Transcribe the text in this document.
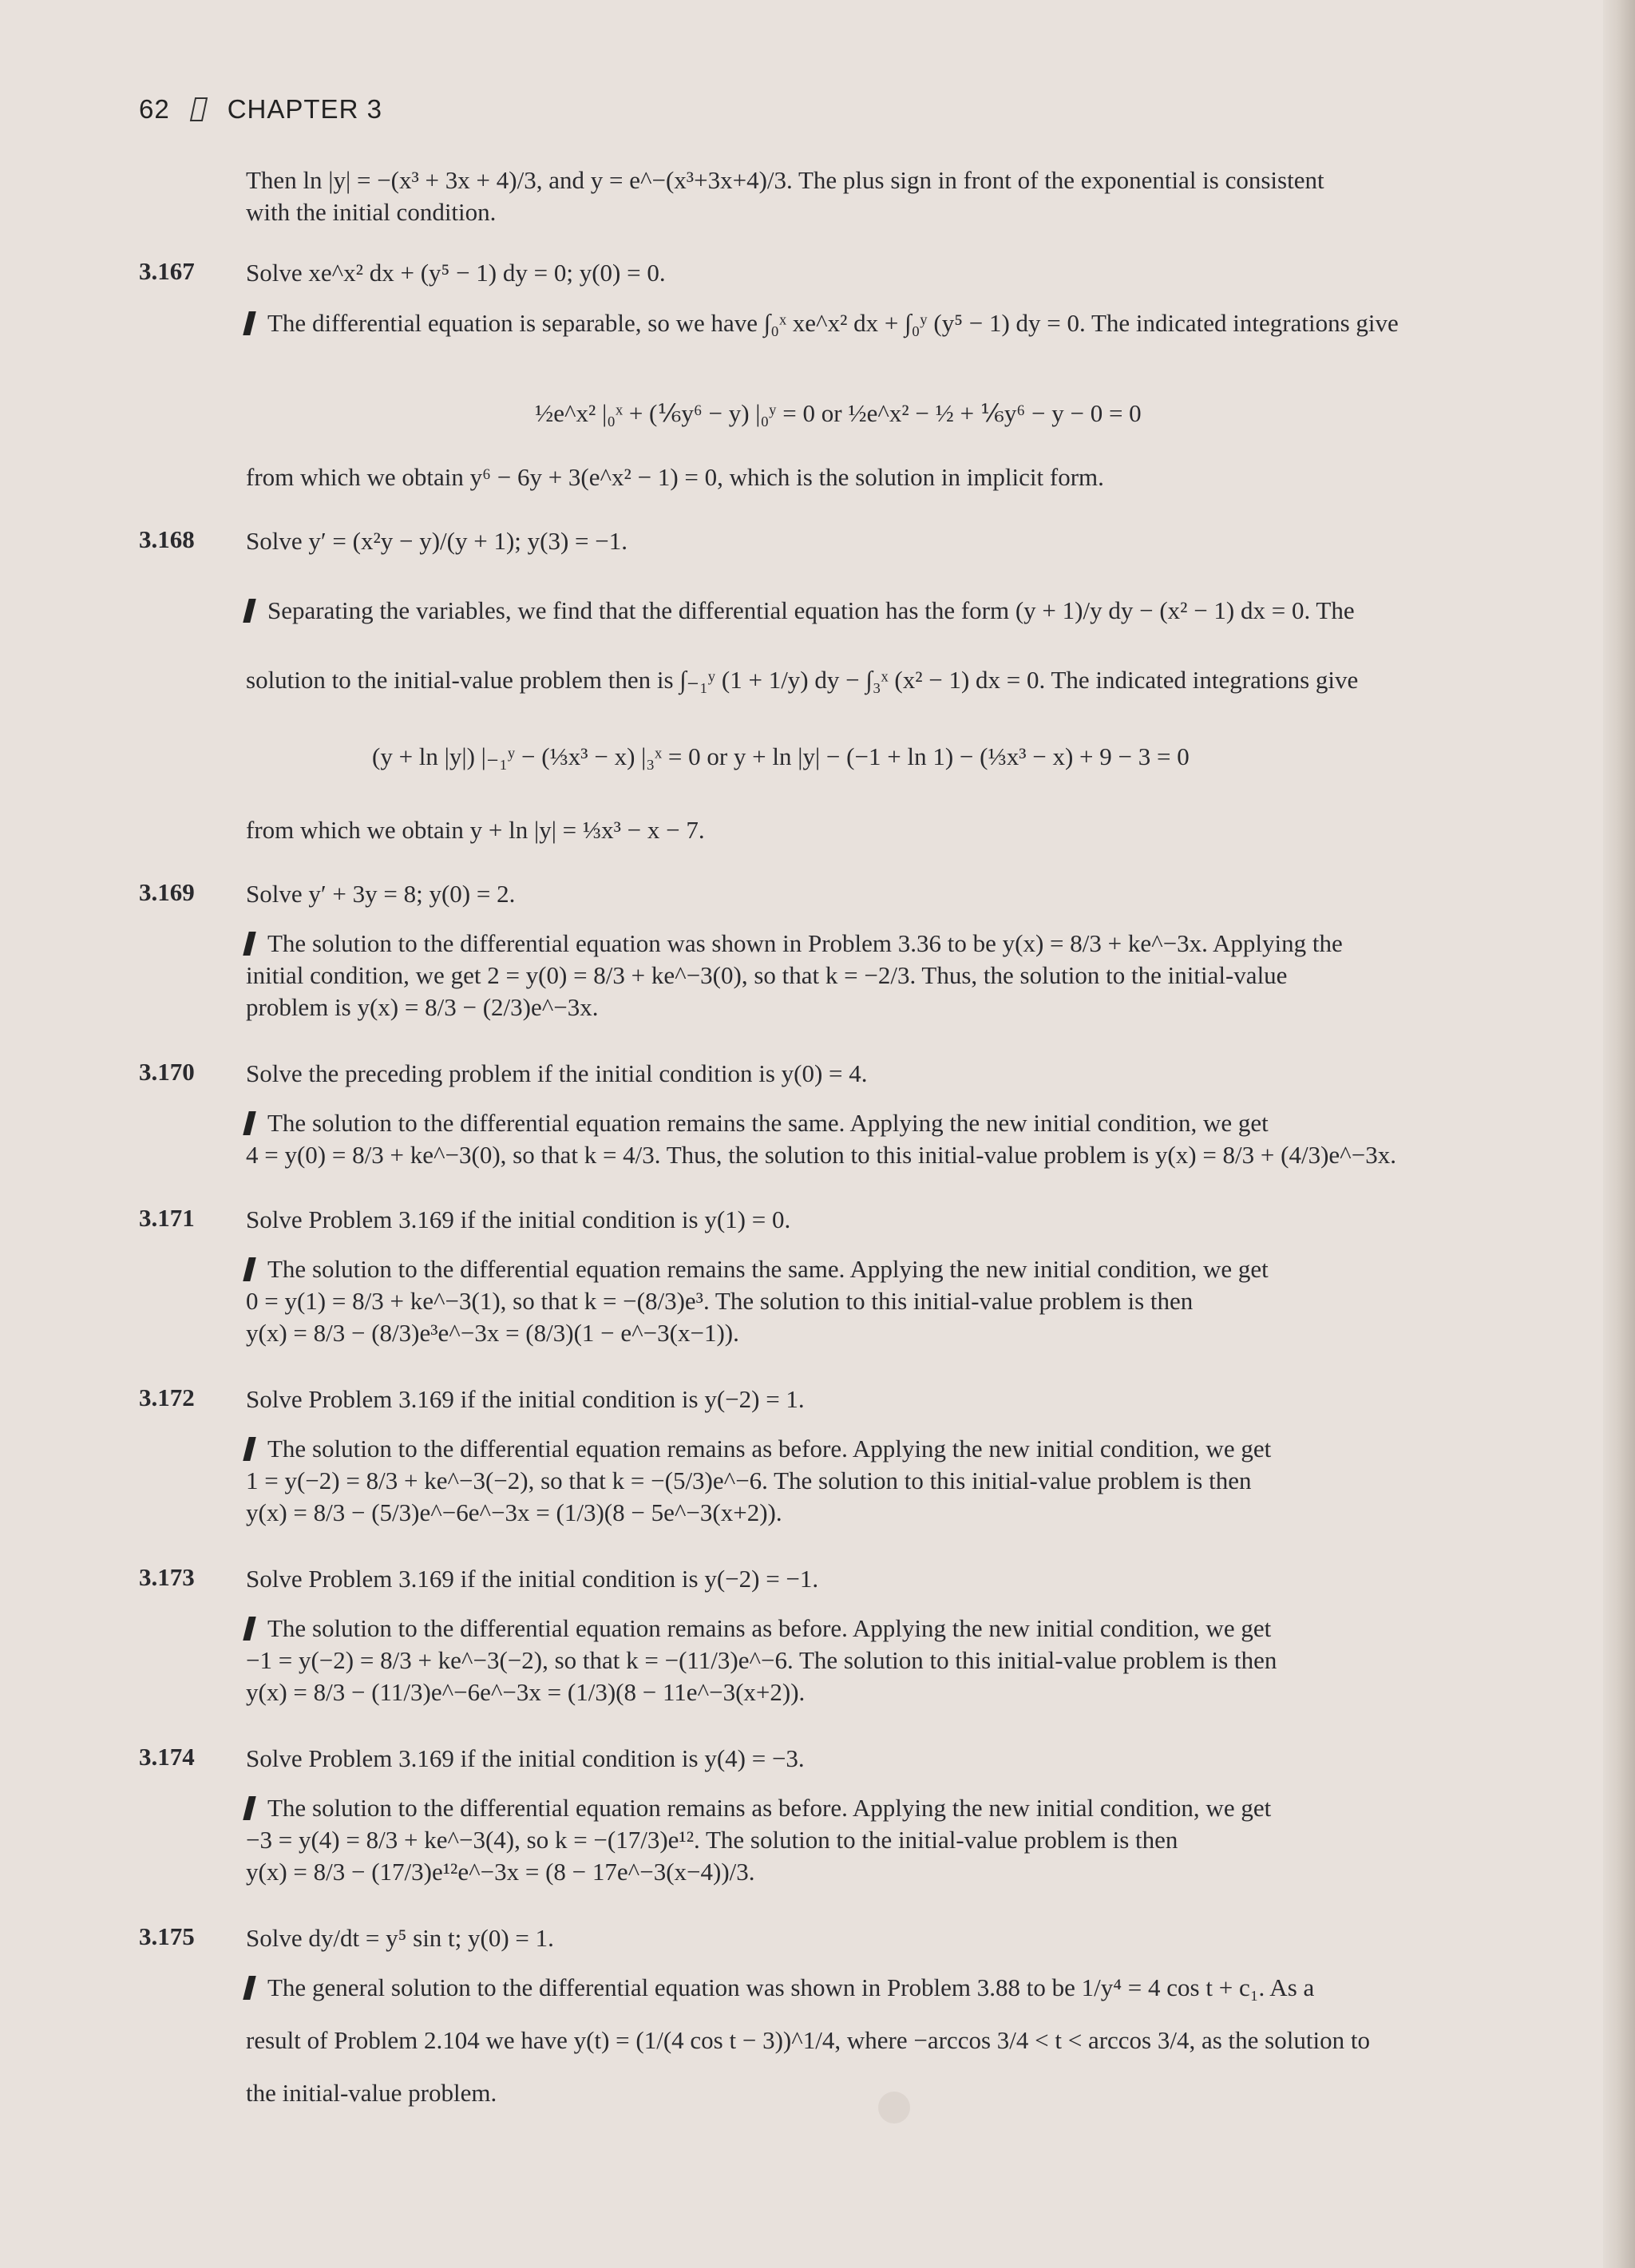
62 CHAPTER 3

Then ln |y| = −(x³ + 3x + 4)/3, and y = e^−(x³+3x+4)/3. The plus sign in front of the exponential is consistent

with the initial condition.

3.167 Solve xe^x² dx + (y⁵ − 1) dy = 0; y(0) = 0.
The differential equation is separable, so we have ∫₀ˣ xe^x² dx + ∫₀ʸ (y⁵ − 1) dy = 0. The indicated integrations give
½e^x² |₀ˣ + (⅙y⁶ − y) |₀ʸ = 0 or ½e^x² − ½ + ⅙y⁶ − y − 0 = 0
from which we obtain y⁶ − 6y + 3(e^x² − 1) = 0, which is the solution in implicit form.
3.168 Solve y′ = (x²y − y)/(y + 1); y(3) = −1.
Separating the variables, we find that the differential equation has the form (y + 1)/y dy − (x² − 1) dx = 0. The
solution to the initial-value problem then is ∫₋₁ʸ (1 + 1/y) dy − ∫₃ˣ (x² − 1) dx = 0. The indicated integrations give
(y + ln |y|) |₋₁ʸ − (⅓x³ − x) |₃ˣ = 0 or y + ln |y| − (−1 + ln 1) − (⅓x³ − x) + 9 − 3 = 0
from which we obtain y + ln |y| = ⅓x³ − x − 7.
3.169 Solve y′ + 3y = 8; y(0) = 2.

The solution to the differential equation was shown in Problem 3.36 to be y(x) = 8/3 + ke^−3x. Applying the

initial condition, we get 2 = y(0) = 8/3 + ke^−3(0), so that k = −2/3. Thus, the solution to the initial-value

problem is y(x) = 8/3 − (2/3)e^−3x.

3.170 Solve the preceding problem if the initial condition is y(0) = 4.

The solution to the differential equation remains the same. Applying the new initial condition, we get

4 = y(0) = 8/3 + ke^−3(0), so that k = 4/3. Thus, the solution to this initial-value problem is y(x) = 8/3 + (4/3)e^−3x.

3.171 Solve Problem 3.169 if the initial condition is y(1) = 0.

The solution to the differential equation remains the same. Applying the new initial condition, we get

0 = y(1) = 8/3 + ke^−3(1), so that k = −(8/3)e³. The solution to this initial-value problem is then

y(x) = 8/3 − (8/3)e³e^−3x = (8/3)(1 − e^−3(x−1)).

3.172 Solve Problem 3.169 if the initial condition is y(−2) = 1.

The solution to the differential equation remains as before. Applying the new initial condition, we get

1 = y(−2) = 8/3 + ke^−3(−2), so that k = −(5/3)e^−6. The solution to this initial-value problem is then

y(x) = 8/3 − (5/3)e^−6e^−3x = (1/3)(8 − 5e^−3(x+2)).

3.173 Solve Problem 3.169 if the initial condition is y(−2) = −1.

The solution to the differential equation remains as before. Applying the new initial condition, we get

−1 = y(−2) = 8/3 + ke^−3(−2), so that k = −(11/3)e^−6. The solution to this initial-value problem is then

y(x) = 8/3 − (11/3)e^−6e^−3x = (1/3)(8 − 11e^−3(x+2)).

3.174 Solve Problem 3.169 if the initial condition is y(4) = −3.

The solution to the differential equation remains as before. Applying the new initial condition, we get

−3 = y(4) = 8/3 + ke^−3(4), so k = −(17/3)e¹². The solution to the initial-value problem is then

y(x) = 8/3 − (17/3)e¹²e^−3x = (8 − 17e^−3(x−4))/3.

3.175 Solve dy/dt = y⁵ sin t; y(0) = 1.

The general solution to the differential equation was shown in Problem 3.88 to be 1/y⁴ = 4 cos t + c₁. As a

result of Problem 2.104 we have y(t) = (1/(4 cos t − 3))^1/4, where −arccos 3/4 < t < arccos 3/4, as the solution to

the initial-value problem.
